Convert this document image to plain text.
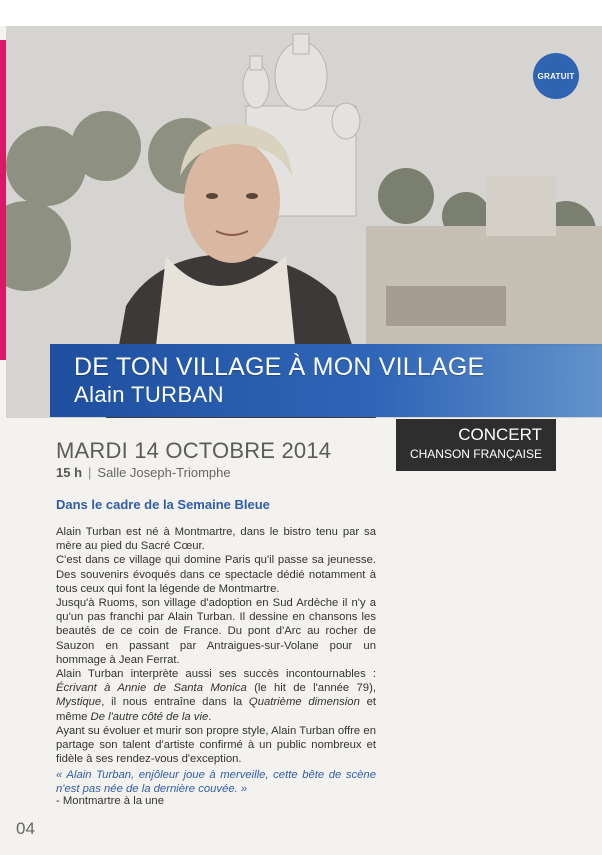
GRATUIT
DE TON VILLAGE À MON VILLAGE
Alain TURBAN
CONCERT
CHANSON FRANÇAISE
MARDI 14 OCTOBRE 2014
15 h | Salle Joseph-Triomphe
Dans le cadre de la Semaine Bleue

Alain Turban est né à Montmartre, dans le bistro tenu par sa mère au pied du Sacré Cœur.

C'est dans ce village qui domine Paris qu'il passe sa jeunesse. Des souvenirs évoqués dans ce spectacle dédié notamment à tous ceux qui font la légende de Montmartre.

Jusqu'à Ruoms, son village d'adoption en Sud Ardèche il n'y a qu'un pas franchi par Alain Turban. Il dessine en chansons les beautés de ce coin de France. Du pont d'Arc au rocher de Sauzon en passant par Antraigues-sur-Volane pour un hommage à Jean Ferrat.

Alain Turban interprète aussi ses succès incontournables : Écrivant à Annie de Santa Monica (le hit de l'année 79), Mystique, il nous entraîne dans la Quatrième dimension et même De l'autre côté de la vie.

Ayant su évoluer et murir son propre style, Alain Turban offre en partage son talent d'artiste confirmé à un public nombreux et fidèle à ses rendez-vous d'exception.

« Alain Turban, enjôleur joue à merveille, cette bête de scène n'est pas née de la dernière couvée. »
- Montmartre à la une
04
